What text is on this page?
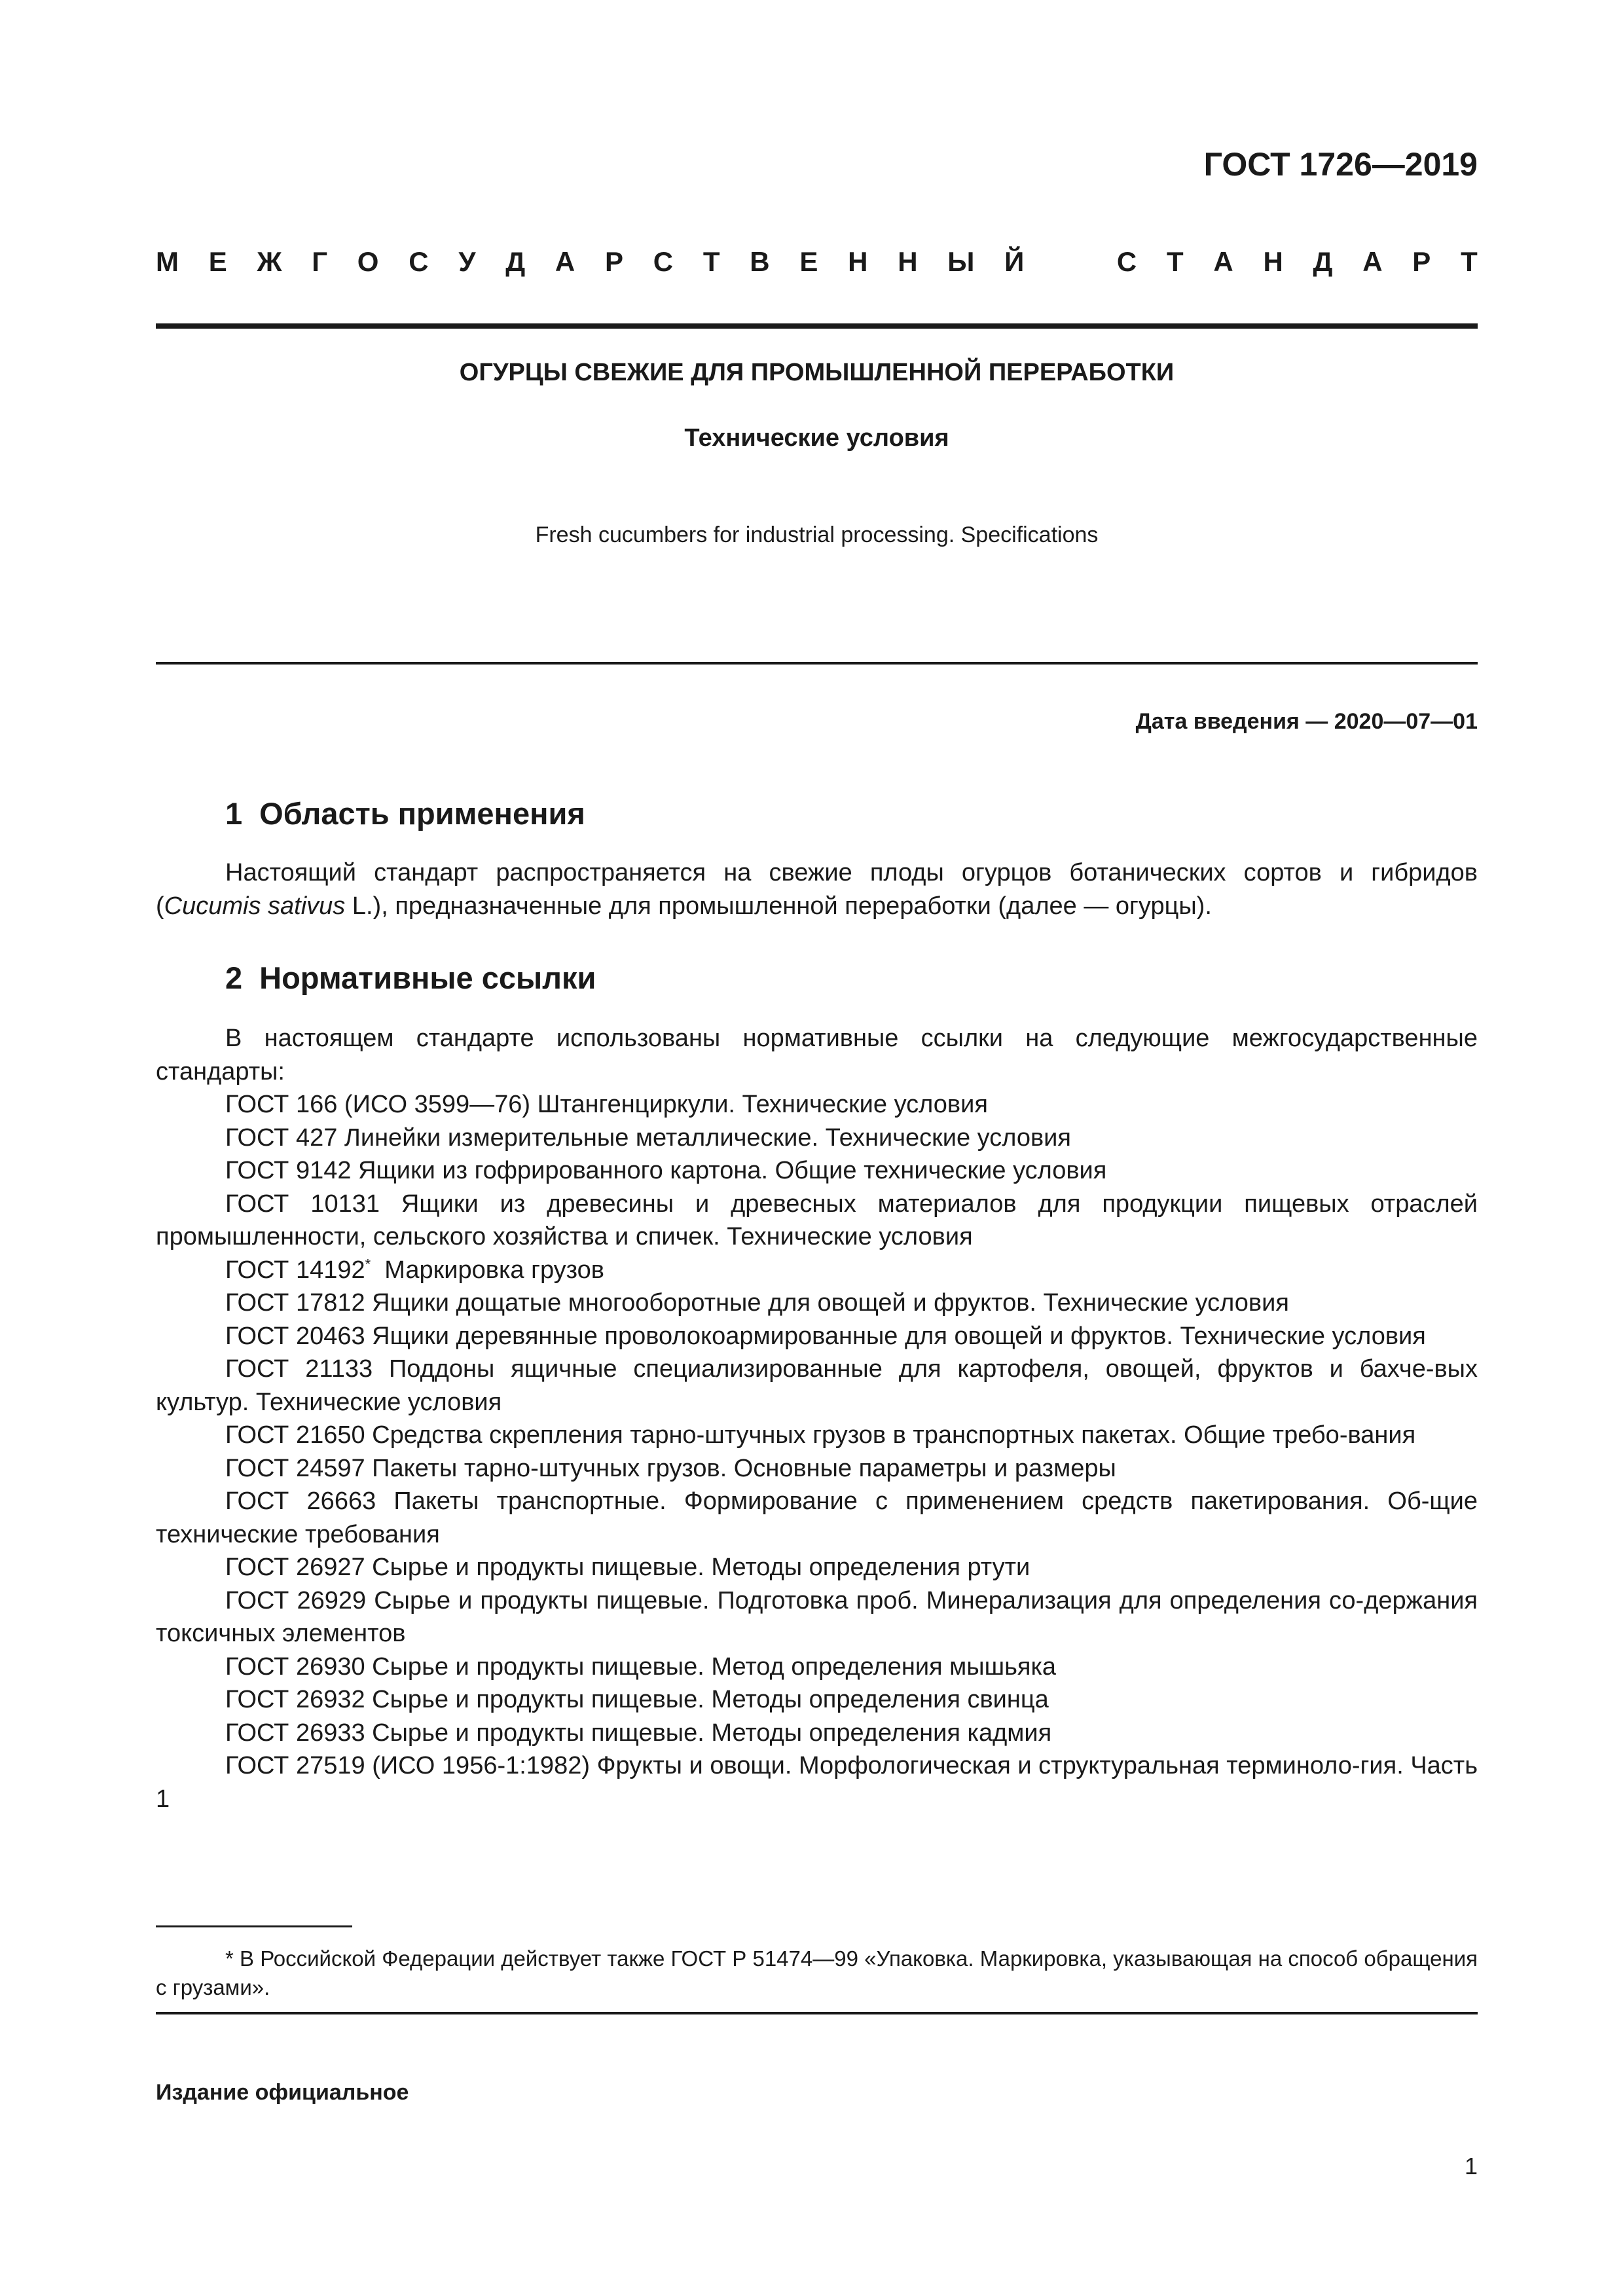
ГОСТ 1726—2019
М Е Ж Г О С У Д А Р С Т В Е Н Н Ы Й	С Т А Н Д А Р Т
ОГУРЦЫ СВЕЖИЕ ДЛЯ ПРОМЫШЛЕННОЙ ПЕРЕРАБОТКИ
Технические условия
Fresh cucumbers for industrial processing. Specifications
Дата введения — 2020—07—01
1 Область применения

Настоящий стандарт распространяется на свежие плоды огурцов ботанических сортов и гибридов (Cucumis sativus L.), предназначенные для промышленной переработки (далее — огурцы).

2 Нормативные ссылки

В настоящем стандарте использованы нормативные ссылки на следующие межгосударственные стандарты:

ГОСТ 166 (ИСО 3599—76) Штангенциркули. Технические условия

ГОСТ 427 Линейки измерительные металлические. Технические условия

ГОСТ 9142 Ящики из гофрированного картона. Общие технические условия

ГОСТ 10131 Ящики из древесины и древесных материалов для продукции пищевых отраслей промышленности, сельского хозяйства и спичек. Технические условия

ГОСТ 14192*  Маркировка грузов

ГОСТ 17812 Ящики дощатые многооборотные для овощей и фруктов. Технические условия

ГОСТ 20463 Ящики деревянные проволокоармированные для овощей и фруктов. Технические условия

ГОСТ 21133 Поддоны ящичные специализированные для картофеля, овощей, фруктов и бахче-вых культур. Технические условия

ГОСТ 21650 Средства скрепления тарно-штучных грузов в транспортных пакетах. Общие требо-вания

ГОСТ 24597 Пакеты тарно-штучных грузов. Основные параметры и размеры

ГОСТ 26663 Пакеты транспортные. Формирование с применением средств пакетирования. Об-щие технические требования

ГОСТ 26927 Сырье и продукты пищевые. Методы определения ртути

ГОСТ 26929 Сырье и продукты пищевые. Подготовка проб. Минерализация для определения со-держания токсичных элементов

ГОСТ 26930 Сырье и продукты пищевые. Метод определения мышьяка

ГОСТ 26932 Сырье и продукты пищевые. Методы определения свинца

ГОСТ 26933 Сырье и продукты пищевые. Методы определения кадмия

ГОСТ 27519 (ИСО 1956-1:1982) Фрукты и овощи. Морфологическая и структуральная терминоло-гия. Часть 1

* В Российской Федерации действует также ГОСТ Р 51474—99 «Упаковка. Маркировка, указывающая на способ обращения с грузами».

Издание официальное
1
